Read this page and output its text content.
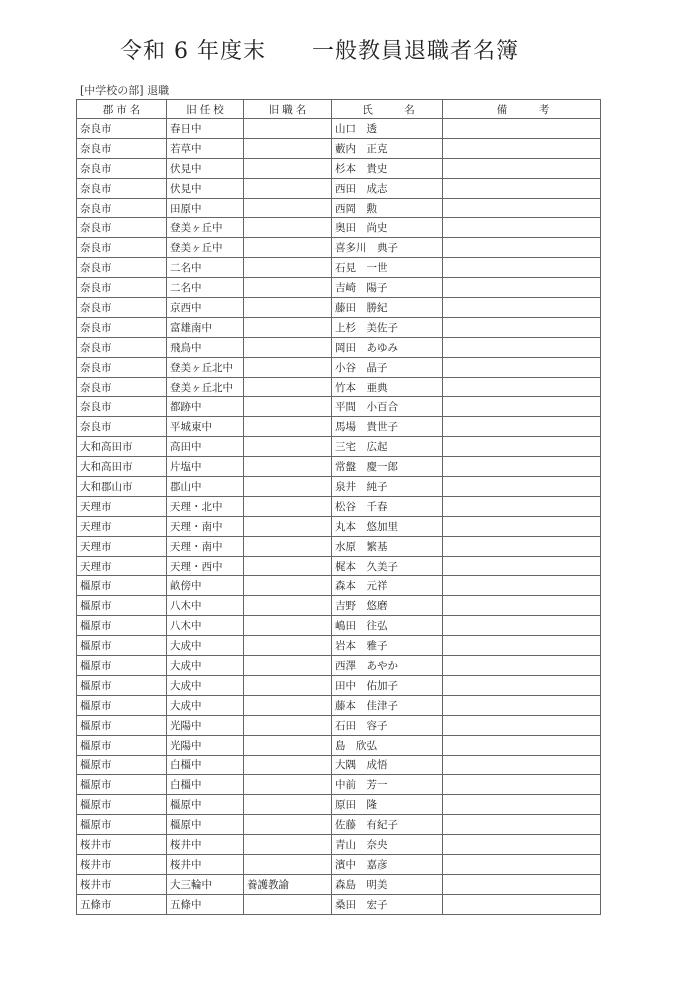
令和 6 年度末 一般教員退職者名簿
[中学校の部] 退職
郡市名	旧任校	旧職名	氏　　　名	備　　　考
奈良市	春日中		山口　透	
奈良市	若草中		藪内　正克	
奈良市	伏見中		杉本　貴史	
奈良市	伏見中		西田　成志	
奈良市	田原中		西岡　勲	
奈良市	登美ヶ丘中		奥田　尚史	
奈良市	登美ヶ丘中		喜多川　典子	
奈良市	二名中		石見　一世	
奈良市	二名中		吉崎　陽子	
奈良市	京西中		藤田　勝紀	
奈良市	富雄南中		上杉　美佐子	
奈良市	飛鳥中		岡田　あゆみ	
奈良市	登美ヶ丘北中		小谷　晶子	
奈良市	登美ヶ丘北中		竹本　亜典	
奈良市	都跡中		平間　小百合	
奈良市	平城東中		馬場　貴世子	
大和高田市	高田中		三宅　広起	
大和高田市	片塩中		常盤　慶一郎	
大和郡山市	郡山中		泉井　純子	
天理市	天理・北中		松谷　千春	
天理市	天理・南中		丸本　悠加里	
天理市	天理・南中		水原　繁基	
天理市	天理・西中		梶本　久美子	
橿原市	畝傍中		森本　元祥	
橿原市	八木中		吉野　悠磨	
橿原市	八木中		嶋田　往弘	
橿原市	大成中		岩本　雅子	
橿原市	大成中		西澤　あやか	
橿原市	大成中		田中　佑加子	
橿原市	大成中		藤本　佳津子	
橿原市	光陽中		石田　容子	
橿原市	光陽中		島　欣弘	
橿原市	白橿中		大隅　成悟	
橿原市	白橿中		中前　芳一	
橿原市	橿原中		原田　隆	
橿原市	橿原中		佐藤　有紀子	
桜井市	桜井中		青山　奈央	
桜井市	桜井中		濱中　嘉彦	
桜井市	大三輪中	養護教諭	森島　明美	
五條市	五條中		桑田　宏子	
